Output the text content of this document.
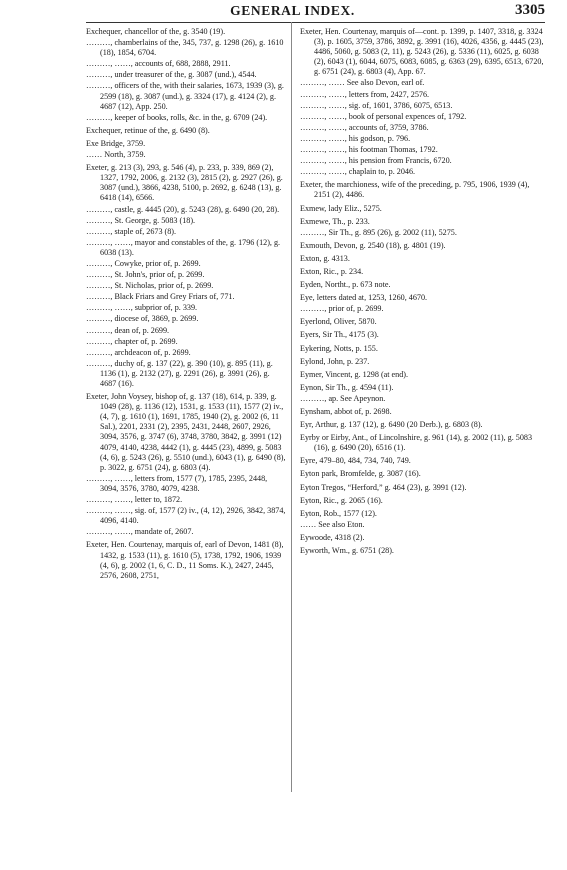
GENERAL INDEX.	3305
Exchequer, chancellor of the, g. 3540 (19).
………, chamberlains of the, 345, 737, g. 1298 (26), g. 1610 (18), 1854, 6704.
………, ……, accounts of, 688, 2888, 2911.
………, under treasurer of the, g. 3087 (und.), 4544.
………, officers of the, with their salaries, 1673, 1939 (3), g. 2599 (18), g. 3087 (und.), g. 3324 (17), g. 4124 (2), g. 4687 (12), App. 250.
………, keeper of books, rolls, &c. in the, g. 6709 (24).
Exchequer, retinue of the, g. 6490 (8).
Exe Bridge, 3759.
…… North, 3759.
Exeter, g. 213 (3), 293, g. 546 (4), p. 233, p. 339, 869 (2), 1327, 1792, 2006, g. 2132 (3), 2815 (2), g. 2927 (26), g. 3087 (und.), 3866, 4238, 5100, p. 2692, g. 6248 (13), g. 6418 (14), 6566.
………, castle, g. 4445 (20), g. 5243 (28), g. 6490 (20, 28).
………, St. George, g. 5083 (18).
………, staple of, 2673 (8).
………, ……, mayor and constables of the, g. 1796 (12), g. 6038 (13).
………, Cowyke, prior of, p. 2699.
………, St. John's, prior of, p. 2699.
………, St. Nicholas, prior of, p. 2699.
………, Black Friars and Grey Friars of, 771.
………, ……, subprior of, p. 339.
………, diocese of, 3869, p. 2699.
………, dean of, p. 2699.
………, chapter of, p. 2699.
………, archdeacon of, p. 2699.
………, duchy of, g. 137 (22), g. 390 (10), g. 895 (11), g. 1136 (1), g. 2132 (27), g. 2291 (26), g. 3991 (26), g. 4687 (16).
Exeter, John Voysey, bishop of, g. 137 (18), 614, p. 339, g. 1049 (28), g. 1136 (12), 1531, g. 1533 (11), 1577 (2) iv., (4, 7), g. 1610 (1), 1691, 1785, 1940 (2), g. 2002 (6, 11 Sal.), 2201, 2331 (2), 2395, 2431, 2448, 2607, 2926, 3094, 3576, g. 3747 (6), 3748, 3780, 3842, g. 3991 (12) 4079, 4140, 4238, 4442 (1), g. 4445 (23), 4899, g. 5083 (4, 6), g. 5243 (26), g. 5510 (und.), 6043 (1), g. 6490 (8), p. 3022, g. 6751 (24), g. 6803 (4).
………, ……, letters from, 1577 (7), 1785, 2395, 2448, 3094, 3576, 3780, 4079, 4238.
………, ……, letter to, 1872.
………, ……, sig. of, 1577 (2) iv., (4, 12), 2926, 3842, 3874, 4096, 4140.
………, ……, mandate of, 2607.
Exeter, Hen. Courtenay, marquis of, earl of Devon, 1481 (8), 1432, g. 1533 (11), g. 1610 (5), 1738, 1792, 1906, 1939 (4, 6), g. 2002 (1, 6, C. D., 11 Soms. K.), 2427, 2445, 2576, 2608, 2751,
Exeter, Hen. Courtenay, marquis of—cont. p. 1399, p. 1407, 3318, g. 3324 (3), p. 1605, 3759, 3786, 3892, g. 3991 (16), 4026, 4356, g. 4445 (23), 4486, 5060, g. 5083 (2, 11), g. 5243 (26), g. 5336 (11), 6025, g. 6038 (2), 6043 (1), 6044, 6075, 6083, 6085, g. 6363 (29), 6395, 6513, 6720, g. 6751 (24), g. 6803 (4), App. 67.
………, …… See also Devon, earl of.
………, ……, letters from, 2427, 2576.
………, ……, sig. of, 1601, 3786, 6075, 6513.
………, ……, book of personal expences of, 1792.
………, ……, accounts of, 3759, 3786.
………, ……, his godson, p. 796.
………, ……, his footman Thomas, 1792.
………, ……, his pension from Francis, 6720.
………, ……, chaplain to, p. 2046.
Exeter, the marchioness, wife of the preceding, p. 795, 1906, 1939 (4), 2151 (2), 4486.
Exmew, lady Eliz., 5275.
Exmewe, Th., p. 233.
………, Sir Th., g. 895 (26), g. 2002 (11), 5275.
Exmouth, Devon, g. 2540 (18), g. 4801 (19).
Exton, g. 4313.
Exton, Ric., p. 234.
Eyden, Northt., p. 673 note.
Eye, letters dated at, 1253, 1260, 4670.
………, prior of, p. 2699.
Eyerlond, Oliver, 5870.
Eyers, Sir Th., 4175 (3).
Eykering, Notts, p. 155.
Eylond, John, p. 237.
Eymer, Vincent, g. 1298 (at end).
Eynon, Sir Th., g. 4594 (11).
………, ap. See Apeynon.
Eynsham, abbot of, p. 2698.
Eyr, Arthur, g. 137 (12), g. 6490 (20 Derb.), g. 6803 (8).
Eyrby or Eirby, Ant., of Lincolnshire, g. 961 (14), g. 2002 (11), g. 5083 (16), g. 6490 (20), 6516 (1).
Eyre, 479–80, 484, 734, 740, 749.
Eyton park, Bromfelde, g. 3087 (16).
Eyton Tregos, “Herford,” g. 464 (23), g. 3991 (12).
Eyton, Ric., g. 2065 (16).
Eyton, Rob., 1577 (12).
…… See also Eton.
Eywoode, 4318 (2).
Eyworth, Wm., g. 6751 (28).
